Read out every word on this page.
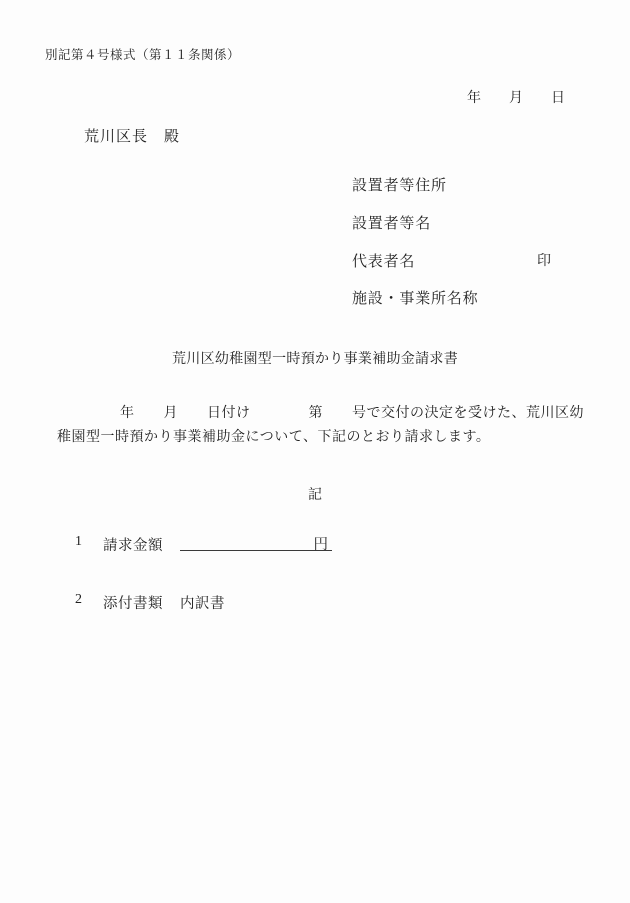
別記第４号様式（第１１条関係）
年　　月　　日
荒川区長　殿
設置者等住所
設置者等名
代表者名	印
施設・事業所名称
荒川区幼稚園型一時預かり事業補助金請求書
年　　月　　日付け　　　　第　　号で交付の決定を受けた、荒川区幼
稚園型一時預かり事業補助金について、下記のとおり請求します。
記
1 請求金額	円
2 添付書類 内訳書
